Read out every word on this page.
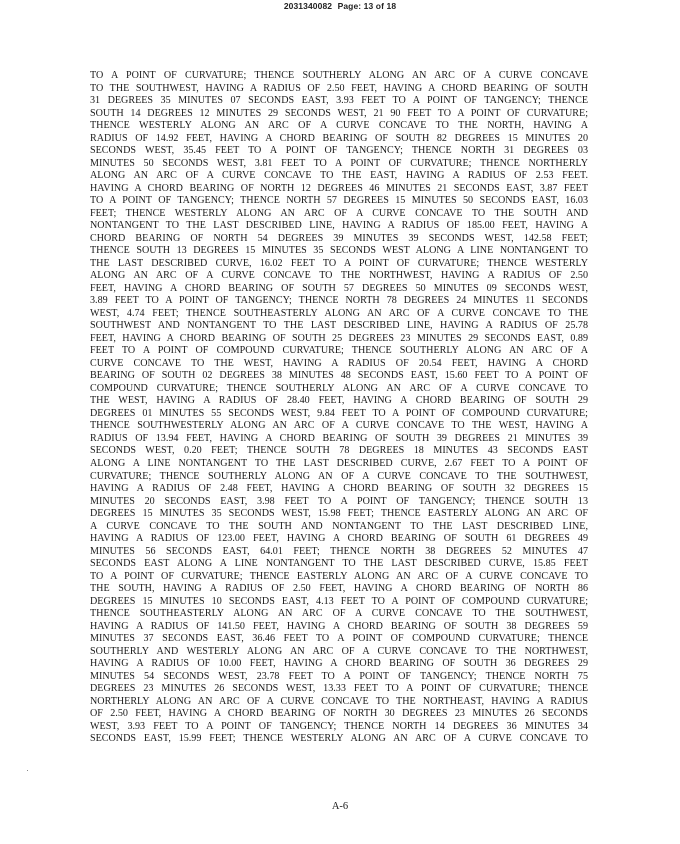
2031340082 Page: 13 of 18
TO A POINT OF CURVATURE; THENCE SOUTHERLY ALONG AN ARC OF A CURVE CONCAVE
TO THE SOUTHWEST, HAVING A RADIUS OF 2.50 FEET, HAVING A CHORD BEARING OF SOUTH
31 DEGREES 35 MINUTES 07 SECONDS EAST, 3.93 FEET TO A POINT OF TANGENCY; THENCE
SOUTH 14 DEGREES 12 MINUTES 29 SECONDS WEST, 21 90 FEET TO A POINT OF CURVATURE;
THENCE WESTERLY ALONG AN ARC OF A CURVE CONCAVE TO THE NORTH, HAVING A
RADIUS OF 14.92 FEET, HAVING A CHORD BEARING OF SOUTH 82 DEGREES 15 MINUTES 20
SECONDS WEST, 35.45 FEET TO A POINT OF TANGENCY; THENCE NORTH 31 DEGREES 03
MINUTES 50 SECONDS WEST, 3.81 FEET TO A POINT OF CURVATURE; THENCE NORTHERLY
ALONG AN ARC OF A CURVE CONCAVE TO THE EAST, HAVING A RADIUS OF 2.53 FEET.
HAVING A CHORD BEARING OF NORTH 12 DEGREES 46 MINUTES 21 SECONDS EAST, 3.87 FEET
TO A POINT OF TANGENCY; THENCE NORTH 57 DEGREES 15 MINUTES 50 SECONDS EAST, 16.03
FEET; THENCE WESTERLY ALONG AN ARC OF A CURVE CONCAVE TO THE SOUTH AND
NONTANGENT TO THE LAST DESCRIBED LINE, HAVING A RADIUS OF 185.00 FEET, HAVING A
CHORD BEARING OF NORTH 54 DEGREES 39 MINUTES 39 SECONDS WEST, 142.58 FEET;
THENCE SOUTH 13 DEGREES 15 MINUTES 35 SECONDS WEST ALONG A LINE NONTANGENT TO
THE LAST DESCRIBED CURVE, 16.02 FEET TO A POINT OF CURVATURE; THENCE WESTERLY
ALONG AN ARC OF A CURVE CONCAVE TO THE NORTHWEST, HAVING A RADIUS OF 2.50
FEET, HAVING A CHORD BEARING OF SOUTH 57 DEGREES 50 MINUTES 09 SECONDS WEST,
3.89 FEET TO A POINT OF TANGENCY; THENCE NORTH 78 DEGREES 24 MINUTES 11 SECONDS
WEST, 4.74 FEET; THENCE SOUTHEASTERLY ALONG AN ARC OF A CURVE CONCAVE TO THE
SOUTHWEST AND NONTANGENT TO THE LAST DESCRIBED LINE, HAVING A RADIUS OF 25.78
FEET, HAVING A CHORD BEARING OF SOUTH 25 DEGREES 23 MINUTES 29 SECONDS EAST, 0.89
FEET TO A POINT OF COMPOUND CURVATURE; THENCE SOUTHERLY ALONG AN ARC OF A
CURVE CONCAVE TO THE WEST, HAVING A RADIUS OF 20.54 FEET, HAVING A CHORD
BEARING OF SOUTH 02 DEGREES 38 MINUTES 48 SECONDS EAST, 15.60 FEET TO A POINT OF
COMPOUND CURVATURE; THENCE SOUTHERLY ALONG AN ARC OF A CURVE CONCAVE TO
THE WEST, HAVING A RADIUS OF 28.40 FEET, HAVING A CHORD BEARING OF SOUTH 29
DEGREES 01 MINUTES 55 SECONDS WEST, 9.84 FEET TO A POINT OF COMPOUND CURVATURE;
THENCE SOUTHWESTERLY ALONG AN ARC OF A CURVE CONCAVE TO THE WEST, HAVING A
RADIUS OF 13.94 FEET, HAVING A CHORD BEARING OF SOUTH 39 DEGREES 21 MINUTES 39
SECONDS WEST, 0.20 FEET; THENCE SOUTH 78 DEGREES 18 MINUTES 43 SECONDS EAST
ALONG A LINE NONTANGENT TO THE LAST DESCRIBED CURVE, 2.67 FEET TO A POINT OF
CURVATURE; THENCE SOUTHERLY ALONG AN OF A CURVE CONCAVE TO THE SOUTHWEST,
HAVING A RADIUS OF 2.48 FEET, HAVING A CHORD BEARING OF SOUTH 32 DEGREES 15
MINUTES 20 SECONDS EAST, 3.98 FEET TO A POINT OF TANGENCY; THENCE SOUTH 13
DEGREES 15 MINUTES 35 SECONDS WEST, 15.98 FEET; THENCE EASTERLY ALONG AN ARC OF
A CURVE CONCAVE TO THE SOUTH AND NONTANGENT TO THE LAST DESCRIBED LINE,
HAVING A RADIUS OF 123.00 FEET, HAVING A CHORD BEARING OF SOUTH 61 DEGREES 49
MINUTES 56 SECONDS EAST, 64.01 FEET; THENCE NORTH 38 DEGREES 52 MINUTES 47
SECONDS EAST ALONG A LINE NONTANGENT TO THE LAST DESCRIBED CURVE, 15.85 FEET
TO A POINT OF CURVATURE; THENCE EASTERLY ALONG AN ARC OF A CURVE CONCAVE TO
THE SOUTH, HAVING A RADIUS OF 2.50 FEET, HAVING A CHORD BEARING OF NORTH 86
DEGREES 15 MINUTES 10 SECONDS EAST, 4.13 FEET TO A POINT OF COMPOUND CURVATURE;
THENCE SOUTHEASTERLY ALONG AN ARC OF A CURVE CONCAVE TO THE SOUTHWEST,
HAVING A RADIUS OF 141.50 FEET, HAVING A CHORD BEARING OF SOUTH 38 DEGREES 59
MINUTES 37 SECONDS EAST, 36.46 FEET TO A POINT OF COMPOUND CURVATURE; THENCE
SOUTHERLY AND WESTERLY ALONG AN ARC OF A CURVE CONCAVE TO THE NORTHWEST,
HAVING A RADIUS OF 10.00 FEET, HAVING A CHORD BEARING OF SOUTH 36 DEGREES 29
MINUTES 54 SECONDS WEST, 23.78 FEET TO A POINT OF TANGENCY; THENCE NORTH 75
DEGREES 23 MINUTES 26 SECONDS WEST, 13.33 FEET TO A POINT OF CURVATURE; THENCE
NORTHERLY ALONG AN ARC OF A CURVE CONCAVE TO THE NORTHEAST, HAVING A RADIUS
OF 2.50 FEET, HAVING A CHORD BEARING OF NORTH 30 DEGREES 23 MINUTES 26 SECONDS
WEST, 3.93 FEET TO A POINT OF TANGENCY; THENCE NORTH 14 DEGREES 36 MINUTES 34
SECONDS EAST, 15.99 FEET; THENCE WESTERLY ALONG AN ARC OF A CURVE CONCAVE TO
A-6
